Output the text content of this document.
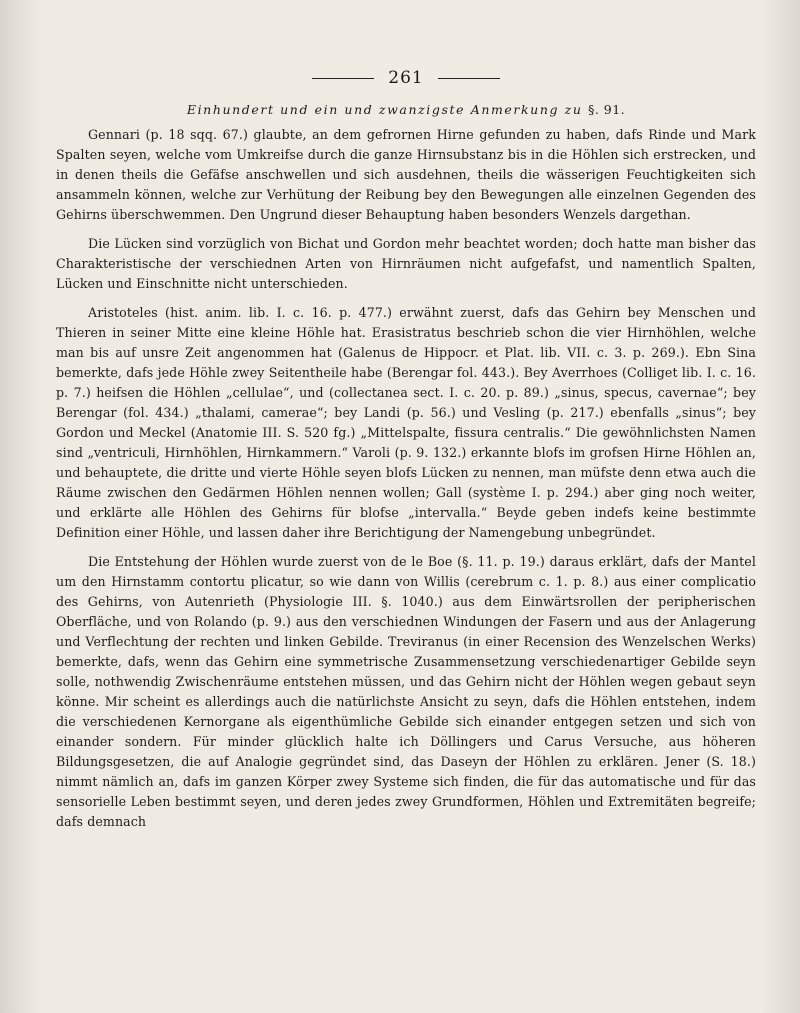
261

Einhundert und ein und zwanzigste Anmerkung zu §. 91.

Gennari (p. 18 sqq. 67.) glaubte, an dem gefrornen Hirne gefunden zu haben, dafs Rinde und Mark Spalten seyen, welche vom Umkreifse durch die ganze Hirnsubstanz bis in die Höhlen sich erstrecken, und in denen theils die Gefäfse anschwellen und sich ausdehnen, theils die wässerigen Feuchtigkeiten sich ansammeln können, welche zur Verhütung der Reibung bey den Bewegungen alle einzelnen Gegenden des Gehirns überschwemmen. Den Ungrund dieser Behauptung haben besonders Wenzels dargethan.

Die Lücken sind vorzüglich von Bichat und Gordon mehr beachtet worden; doch hatte man bisher das Charakteristische der verschiednen Arten von Hirnräumen nicht aufgefafst, und namentlich Spalten, Lücken und Einschnitte nicht unterschieden.

Aristoteles (hist. anim. lib. I. c. 16. p. 477.) erwähnt zuerst, dafs das Gehirn bey Menschen und Thieren in seiner Mitte eine kleine Höhle hat. Erasistratus beschrieb schon die vier Hirnhöhlen, welche man bis auf unsre Zeit angenommen hat (Galenus de Hippocr. et Plat. lib. VII. c. 3. p. 269.). Ebn Sina bemerkte, dafs jede Höhle zwey Seitentheile habe (Berengar fol. 443.). Bey Averrhoes (Colliget lib. I. c. 16. p. 7.) heifsen die Höhlen „cellulae“, und (collectanea sect. I. c. 20. p. 89.) „sinus, specus, cavernae“; bey Berengar (fol. 434.) „thalami, camerae“; bey Landi (p. 56.) und Vesling (p. 217.) ebenfalls „sinus“; bey Gordon und Meckel (Anatomie III. S. 520 fg.) „Mittelspalte, fissura centralis.“ Die gewöhnlichsten Namen sind „ventriculi, Hirnhöhlen, Hirnkammern.“ Varoli (p. 9. 132.) erkannte blofs im grofsen Hirne Höhlen an, und behauptete, die dritte und vierte Höhle seyen blofs Lücken zu nennen, man müfste denn etwa auch die Räume zwischen den Gedärmen Höhlen nennen wollen; Gall (système I. p. 294.) aber ging noch weiter, und erklärte alle Höhlen des Gehirns für blofse „intervalla.“ Beyde geben indefs keine bestimmte Definition einer Höhle, und lassen daher ihre Berichtigung der Namengebung unbegründet.

Die Entstehung der Höhlen wurde zuerst von de le Boe (§. 11. p. 19.) daraus erklärt, dafs der Mantel um den Hirnstamm contortu plicatur, so wie dann von Willis (cerebrum c. 1. p. 8.) aus einer complicatio des Gehirns, von Autenrieth (Physiologie III. §. 1040.) aus dem Einwärtsrollen der peripherischen Oberfläche, und von Rolando (p. 9.) aus den verschiednen Windungen der Fasern und aus der Anlagerung und Verflechtung der rechten und linken Gebilde. Treviranus (in einer Recension des Wenzelschen Werks) bemerkte, dafs, wenn das Gehirn eine symmetrische Zusammensetzung verschiedenartiger Gebilde seyn solle, nothwendig Zwischenräume entstehen müssen, und das Gehirn nicht der Höhlen wegen gebaut seyn könne. Mir scheint es allerdings auch die natürlichste Ansicht zu seyn, dafs die Höhlen entstehen, indem die verschiedenen Kernorgane als eigenthümliche Gebilde sich einander entgegen setzen und sich von einander sondern. Für minder glücklich halte ich Döllingers und Carus Versuche, aus höheren Bildungsgesetzen, die auf Analogie gegründet sind, das Daseyn der Höhlen zu erklären. Jener (S. 18.) nimmt nämlich an, dafs im ganzen Körper zwey Systeme sich finden, die für das automatische und für das sensorielle Leben bestimmt seyen, und deren jedes zwey Grundformen, Höhlen und Extremitäten begreife; dafs demnach
